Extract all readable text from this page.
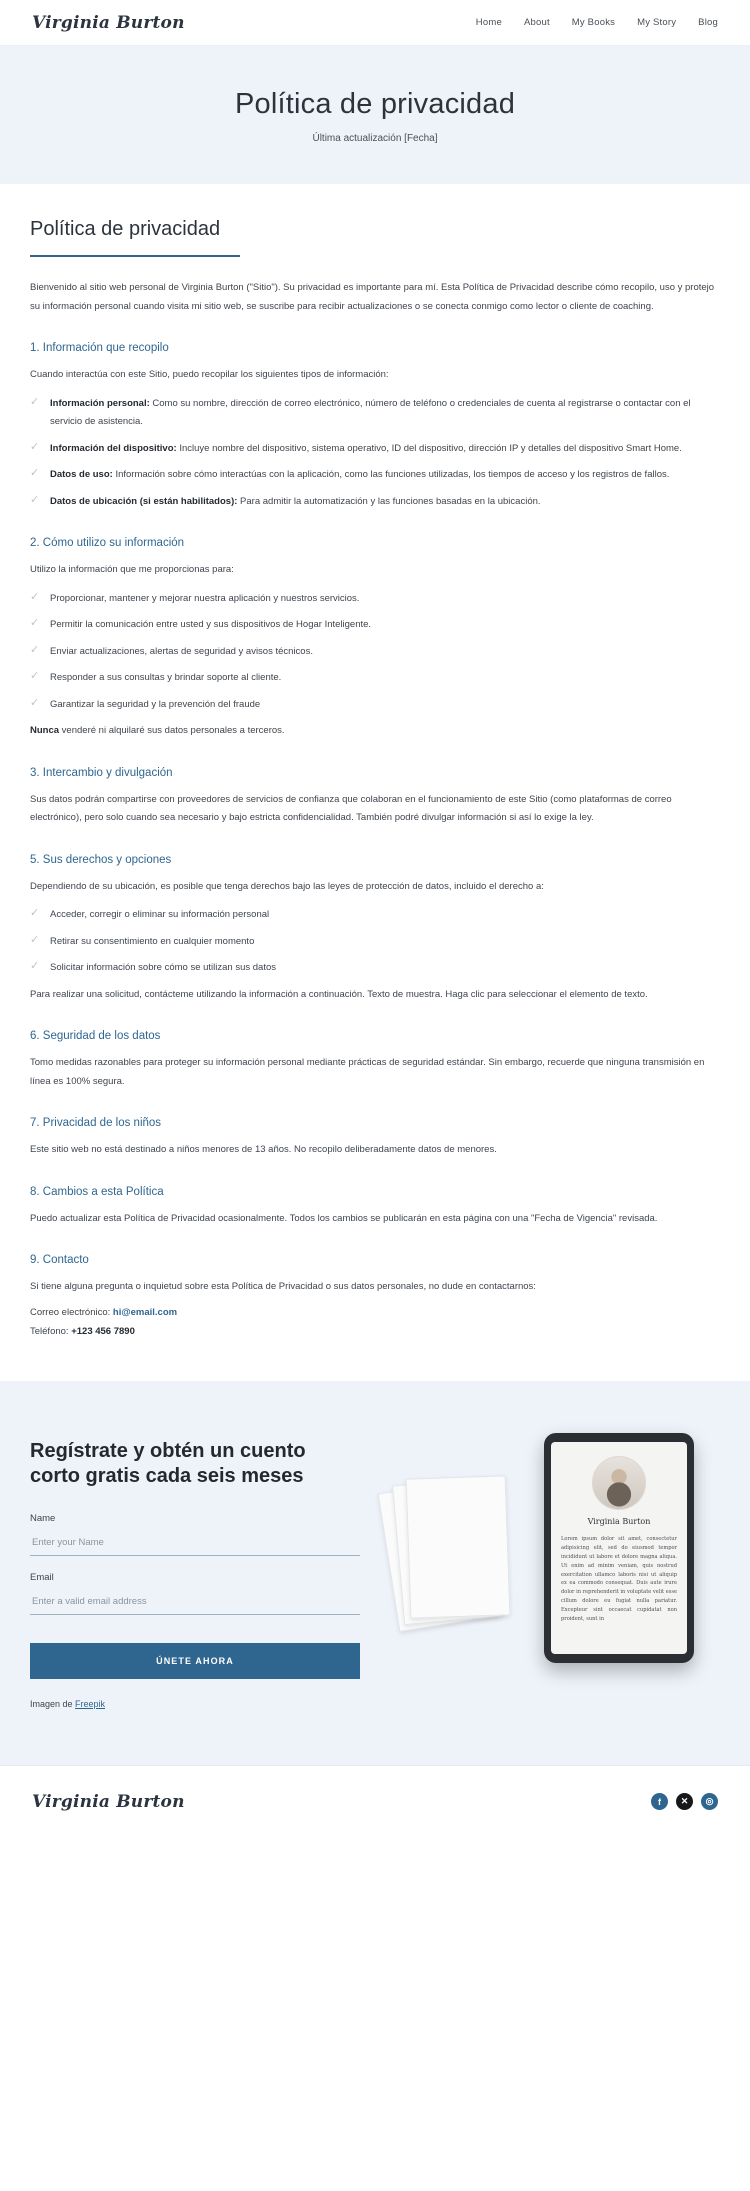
Virginia Burton	Home About My Books My Story Blog
Política de privacidad
Última actualización [Fecha]
Política de privacidad

Bienvenido al sitio web personal de Virginia Burton ("Sitio"). Su privacidad es importante para mí. Esta Política de Privacidad describe cómo recopilo, uso y protejo su información personal cuando visita mi sitio web, se suscribe para recibir actualizaciones o se conecta conmigo como lector o cliente de coaching.

1. Información que recopilo

Cuando interactúa con este Sitio, puedo recopilar los siguientes tipos de información:

✓ Información personal: Como su nombre, dirección de correo electrónico, número de teléfono o credenciales de cuenta al registrarse o contactar con el servicio de asistencia.
✓ Información del dispositivo: Incluye nombre del dispositivo, sistema operativo, ID del dispositivo, dirección IP y detalles del dispositivo Smart Home.
✓ Datos de uso: Información sobre cómo interactúas con la aplicación, como las funciones utilizadas, los tiempos de acceso y los registros de fallos.
✓ Datos de ubicación (si están habilitados): Para admitir la automatización y las funciones basadas en la ubicación.
2. Cómo utilizo su información

Utilizo la información que me proporcionas para:

✓ Proporcionar, mantener y mejorar nuestra aplicación y nuestros servicios.
✓ Permitir la comunicación entre usted y sus dispositivos de Hogar Inteligente.
✓ Enviar actualizaciones, alertas de seguridad y avisos técnicos.
✓ Responder a sus consultas y brindar soporte al cliente.
✓ Garantizar la seguridad y la prevención del fraude

Nunca venderé ni alquilaré sus datos personales a terceros.

3. Intercambio y divulgación

Sus datos podrán compartirse con proveedores de servicios de confianza que colaboran en el funcionamiento de este Sitio (como plataformas de correo electrónico), pero solo cuando sea necesario y bajo estricta confidencialidad. También podré divulgar información si así lo exige la ley.

5. Sus derechos y opciones

Dependiendo de su ubicación, es posible que tenga derechos bajo las leyes de protección de datos, incluido el derecho a:

✓ Acceder, corregir o eliminar su información personal
✓ Retirar su consentimiento en cualquier momento
✓ Solicitar información sobre cómo se utilizan sus datos

Para realizar una solicitud, contácteme utilizando la información a continuación. Texto de muestra. Haga clic para seleccionar el elemento de texto.

6. Seguridad de los datos

Tomo medidas razonables para proteger su información personal mediante prácticas de seguridad estándar. Sin embargo, recuerde que ninguna transmisión en línea es 100% segura.

7. Privacidad de los niños

Este sitio web no está destinado a niños menores de 13 años. No recopilo deliberadamente datos de menores.

8. Cambios a esta Política

Puedo actualizar esta Política de Privacidad ocasionalmente. Todos los cambios se publicarán en esta página con una "Fecha de Vigencia" revisada.

9. Contacto

Si tiene alguna pregunta o inquietud sobre esta Política de Privacidad o sus datos personales, no dude en contactarnos:

Correo electrónico: hi@email.com
Teléfono: +123 456 7890
Regístrate y obtén un cuento corto gratis cada seis meses
Name
Enter your Name
Email
Enter a valid email address
ÚNETE AHORA
Imagen de Freepik
Virginia Burton
Lorem ipsum dolor sit amet, consectetur adipisicing elit, sed do eiusmod tempor incididunt ut labore et dolore magna aliqua. Ut enim ad minim veniam, quis nostrud exercitation ullamco laboris nisi ut aliquip ex ea commodo consequat. Duis aute irure dolor in reprehenderit in voluptate velit esse cillum dolore eu fugiat nulla pariatur. Excepteur sint occaecat cupidatat non proident, sunt in
Virginia Burton	f	✕	◎
